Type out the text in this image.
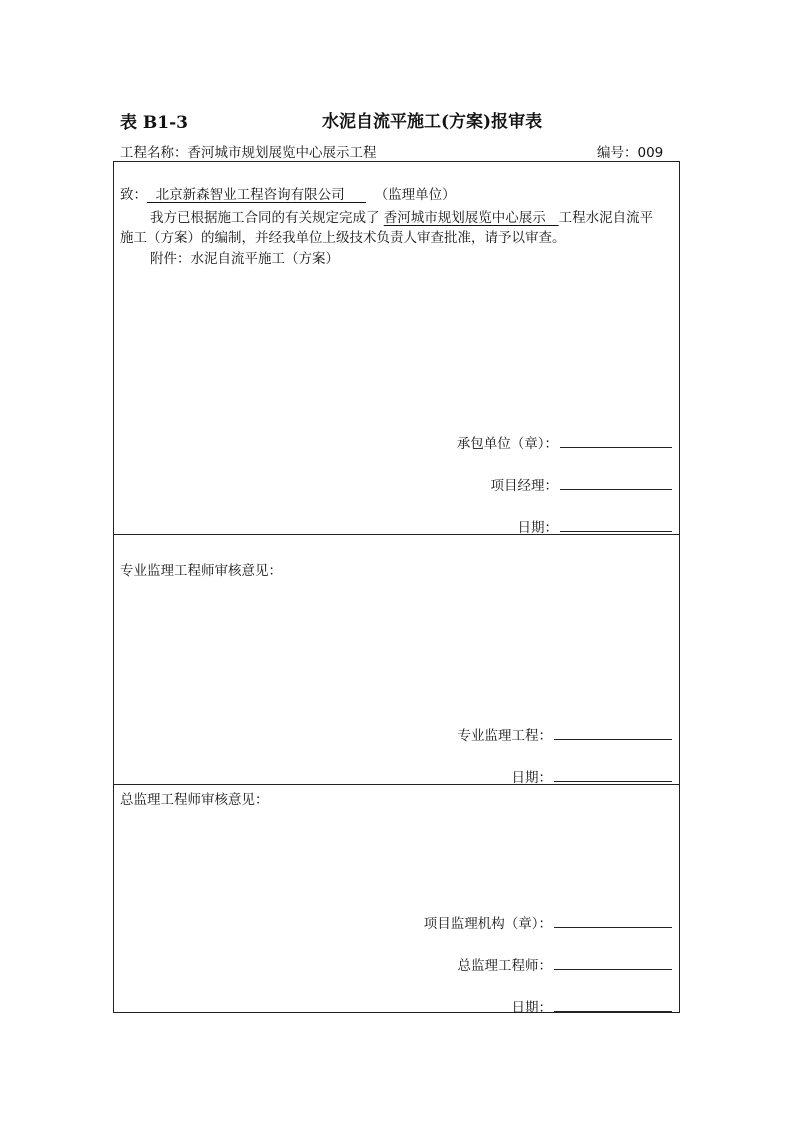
表 B1-3	水泥自流平施工(方案)报审表
工程名称：香河城市规划展览中心展示工程	编号：009
致： 北京新森智业工程咨询有限公司 （监理单位）
我方已根据施工合同的有关规定完成了 香河城市规划展览中心展示 工程水泥自流平
施工（方案）的编制，并经我单位上级技术负责人审查批准，请予以审查。
附件：水泥自流平施工（方案）
承包单位（章）：
项目经理：
日期：
专业监理工程师审核意见：
专业监理工程：
日期：
总监理工程师审核意见：
项目监理机构（章）：
总监理工程师：
日期：
